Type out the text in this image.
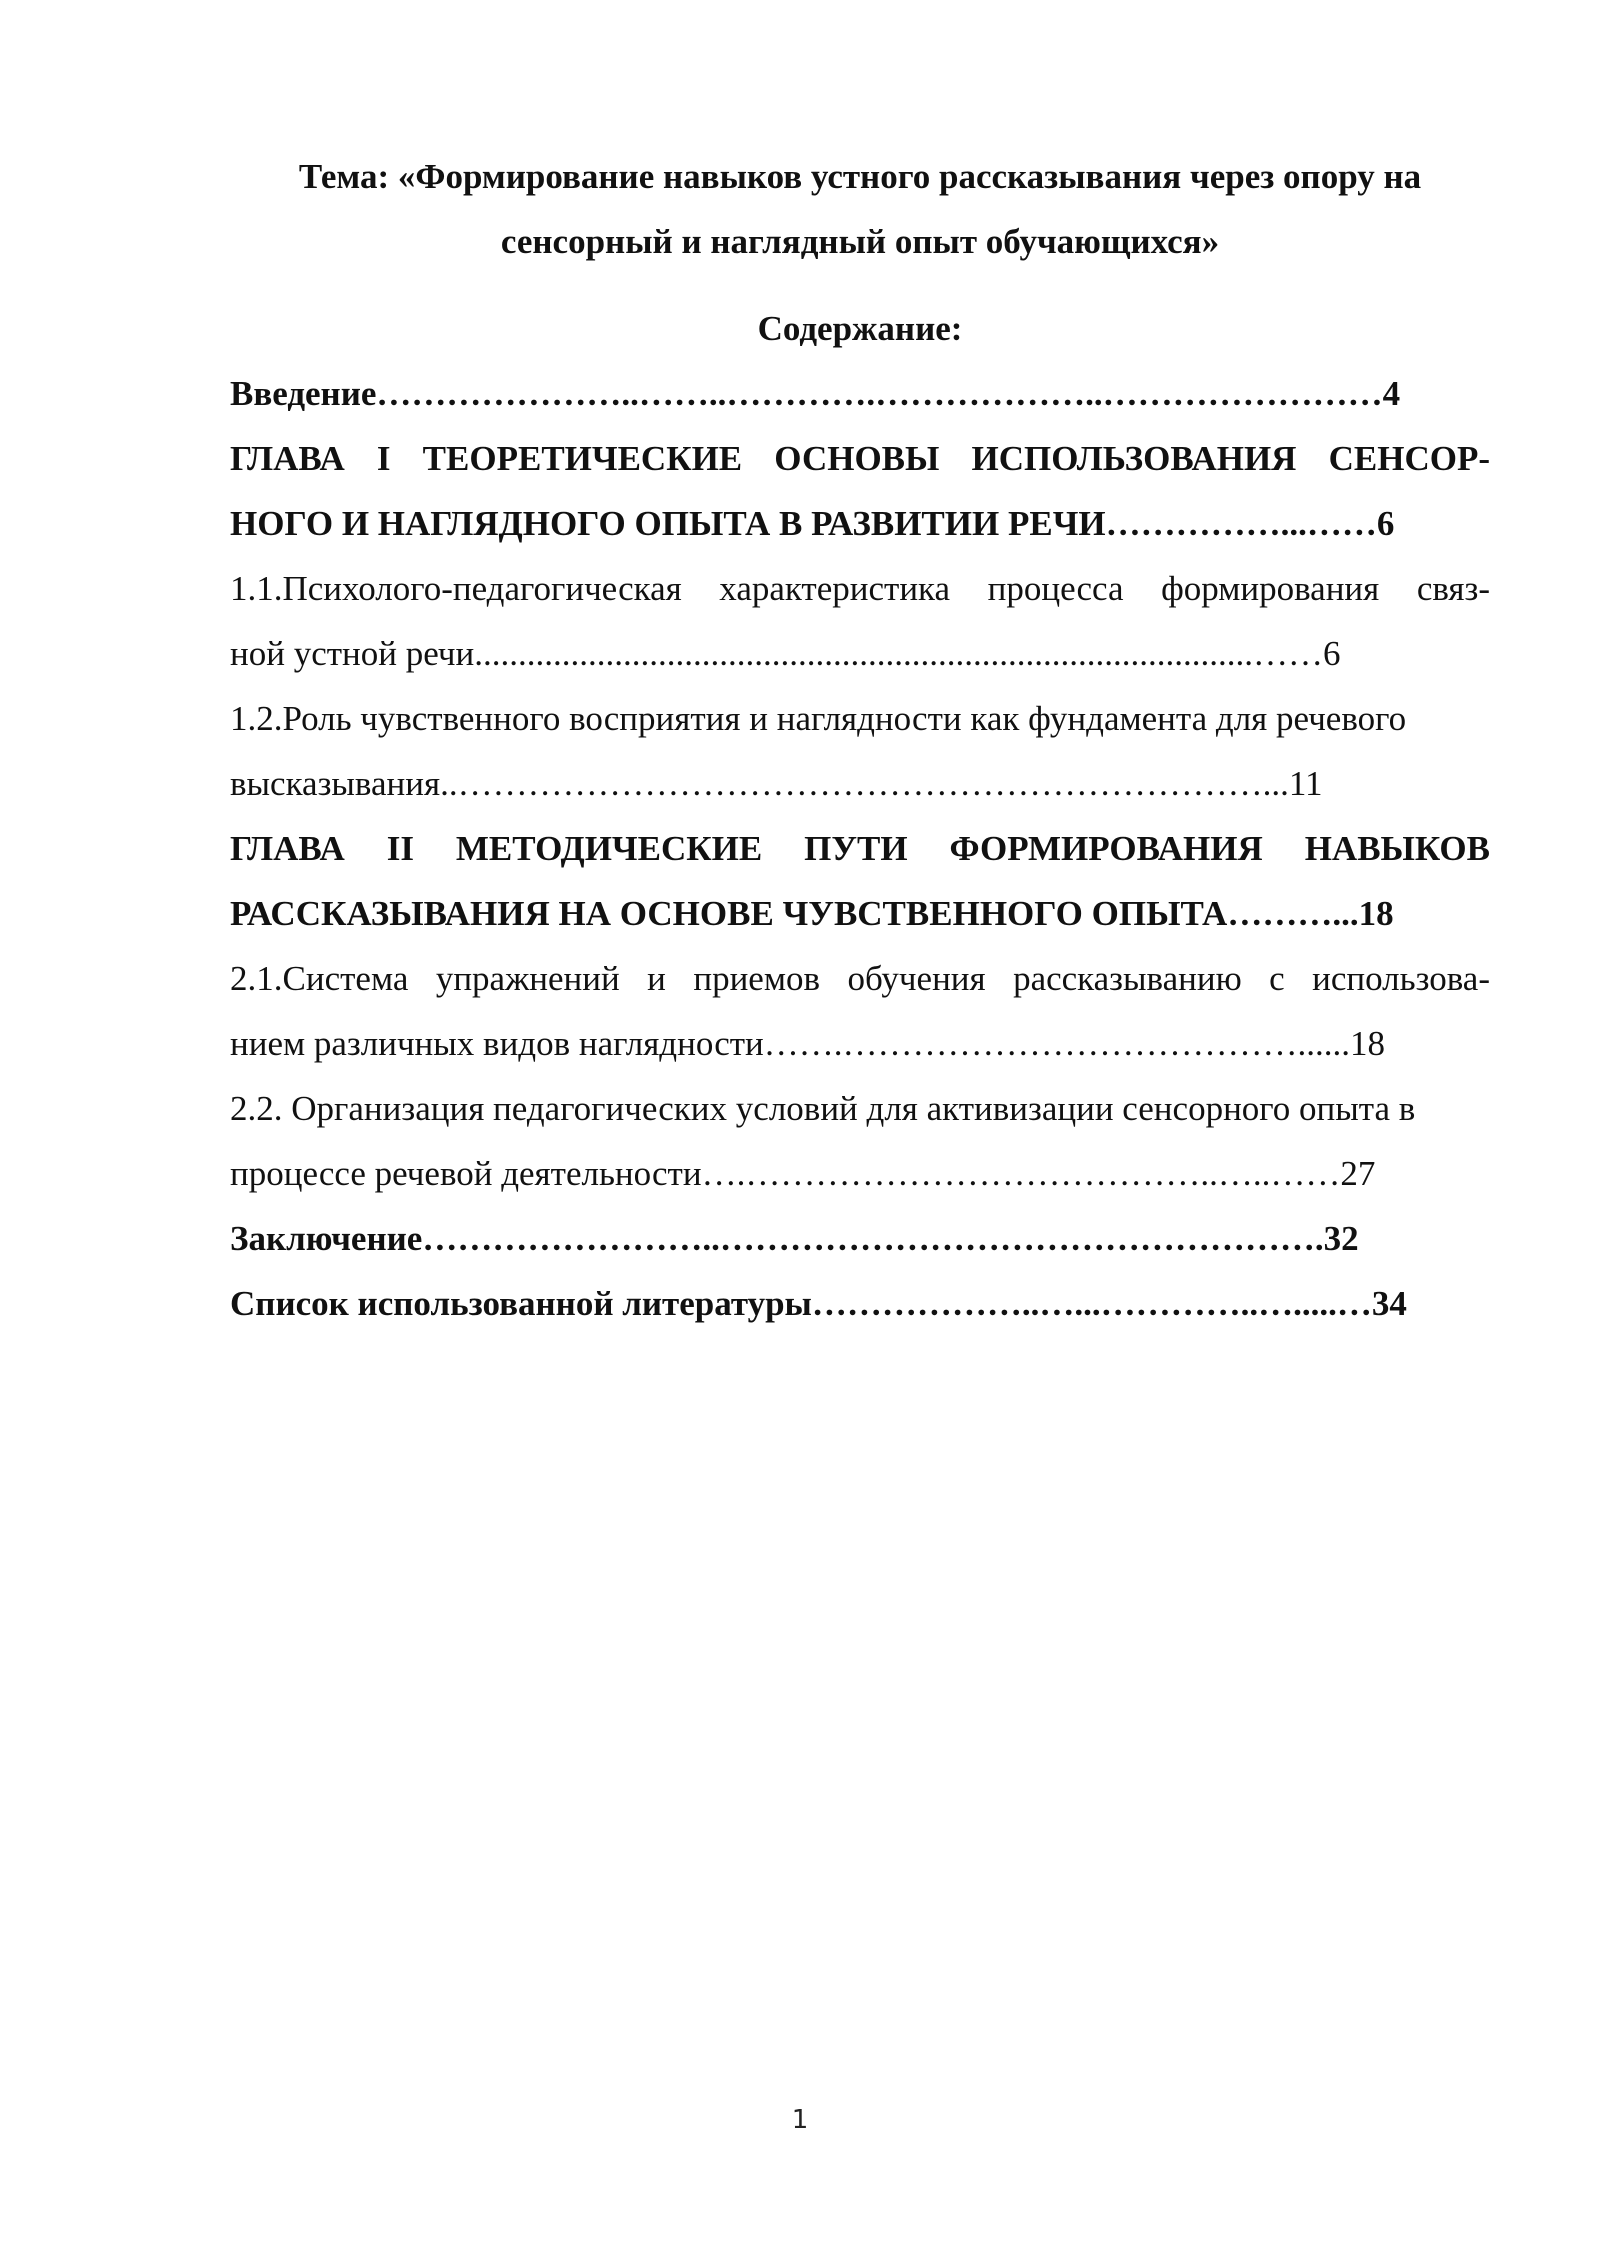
Тема: «Формирование навыков устного рассказывания через опору на
сенсорный и наглядный опыт обучающихся»
Содержание:
Введение…………………..……..………….………………..……………………4
ГЛАВА I ТЕОРЕТИЧЕСКИЕ ОСНОВЫ ИСПОЛЬЗОВАНИЯ СЕНСОР-
НОГО И НАГЛЯДНОГО ОПЫТА В РАЗВИТИИ РЕЧИ……………...……6
1.1.Психолого-педагогическая характеристика процесса формирования связ-
ной устной речи.........................................................................................……6
1.2.Роль чувственного восприятия и наглядности как фундамента для речевого
высказывания..……………………………………………………………...11
ГЛАВА II МЕТОДИЧЕСКИЕ ПУТИ ФОРМИРОВАНИЯ НАВЫКОВ
РАССКАЗЫВАНИЯ НА ОСНОВЕ ЧУВСТВЕННОГО ОПЫТА………...18
2.1.Система упражнений и приемов обучения рассказыванию с использова-
нием различных видов наглядности…….…………………………………......18
2.2. Организация педагогических условий для активизации сенсорного опыта в
процессе речевой деятельности….…………………………………..…..……27
Заключение……………………..…………………………………………….32
Список использованной литературы………………..…...…………..….....…34
1
